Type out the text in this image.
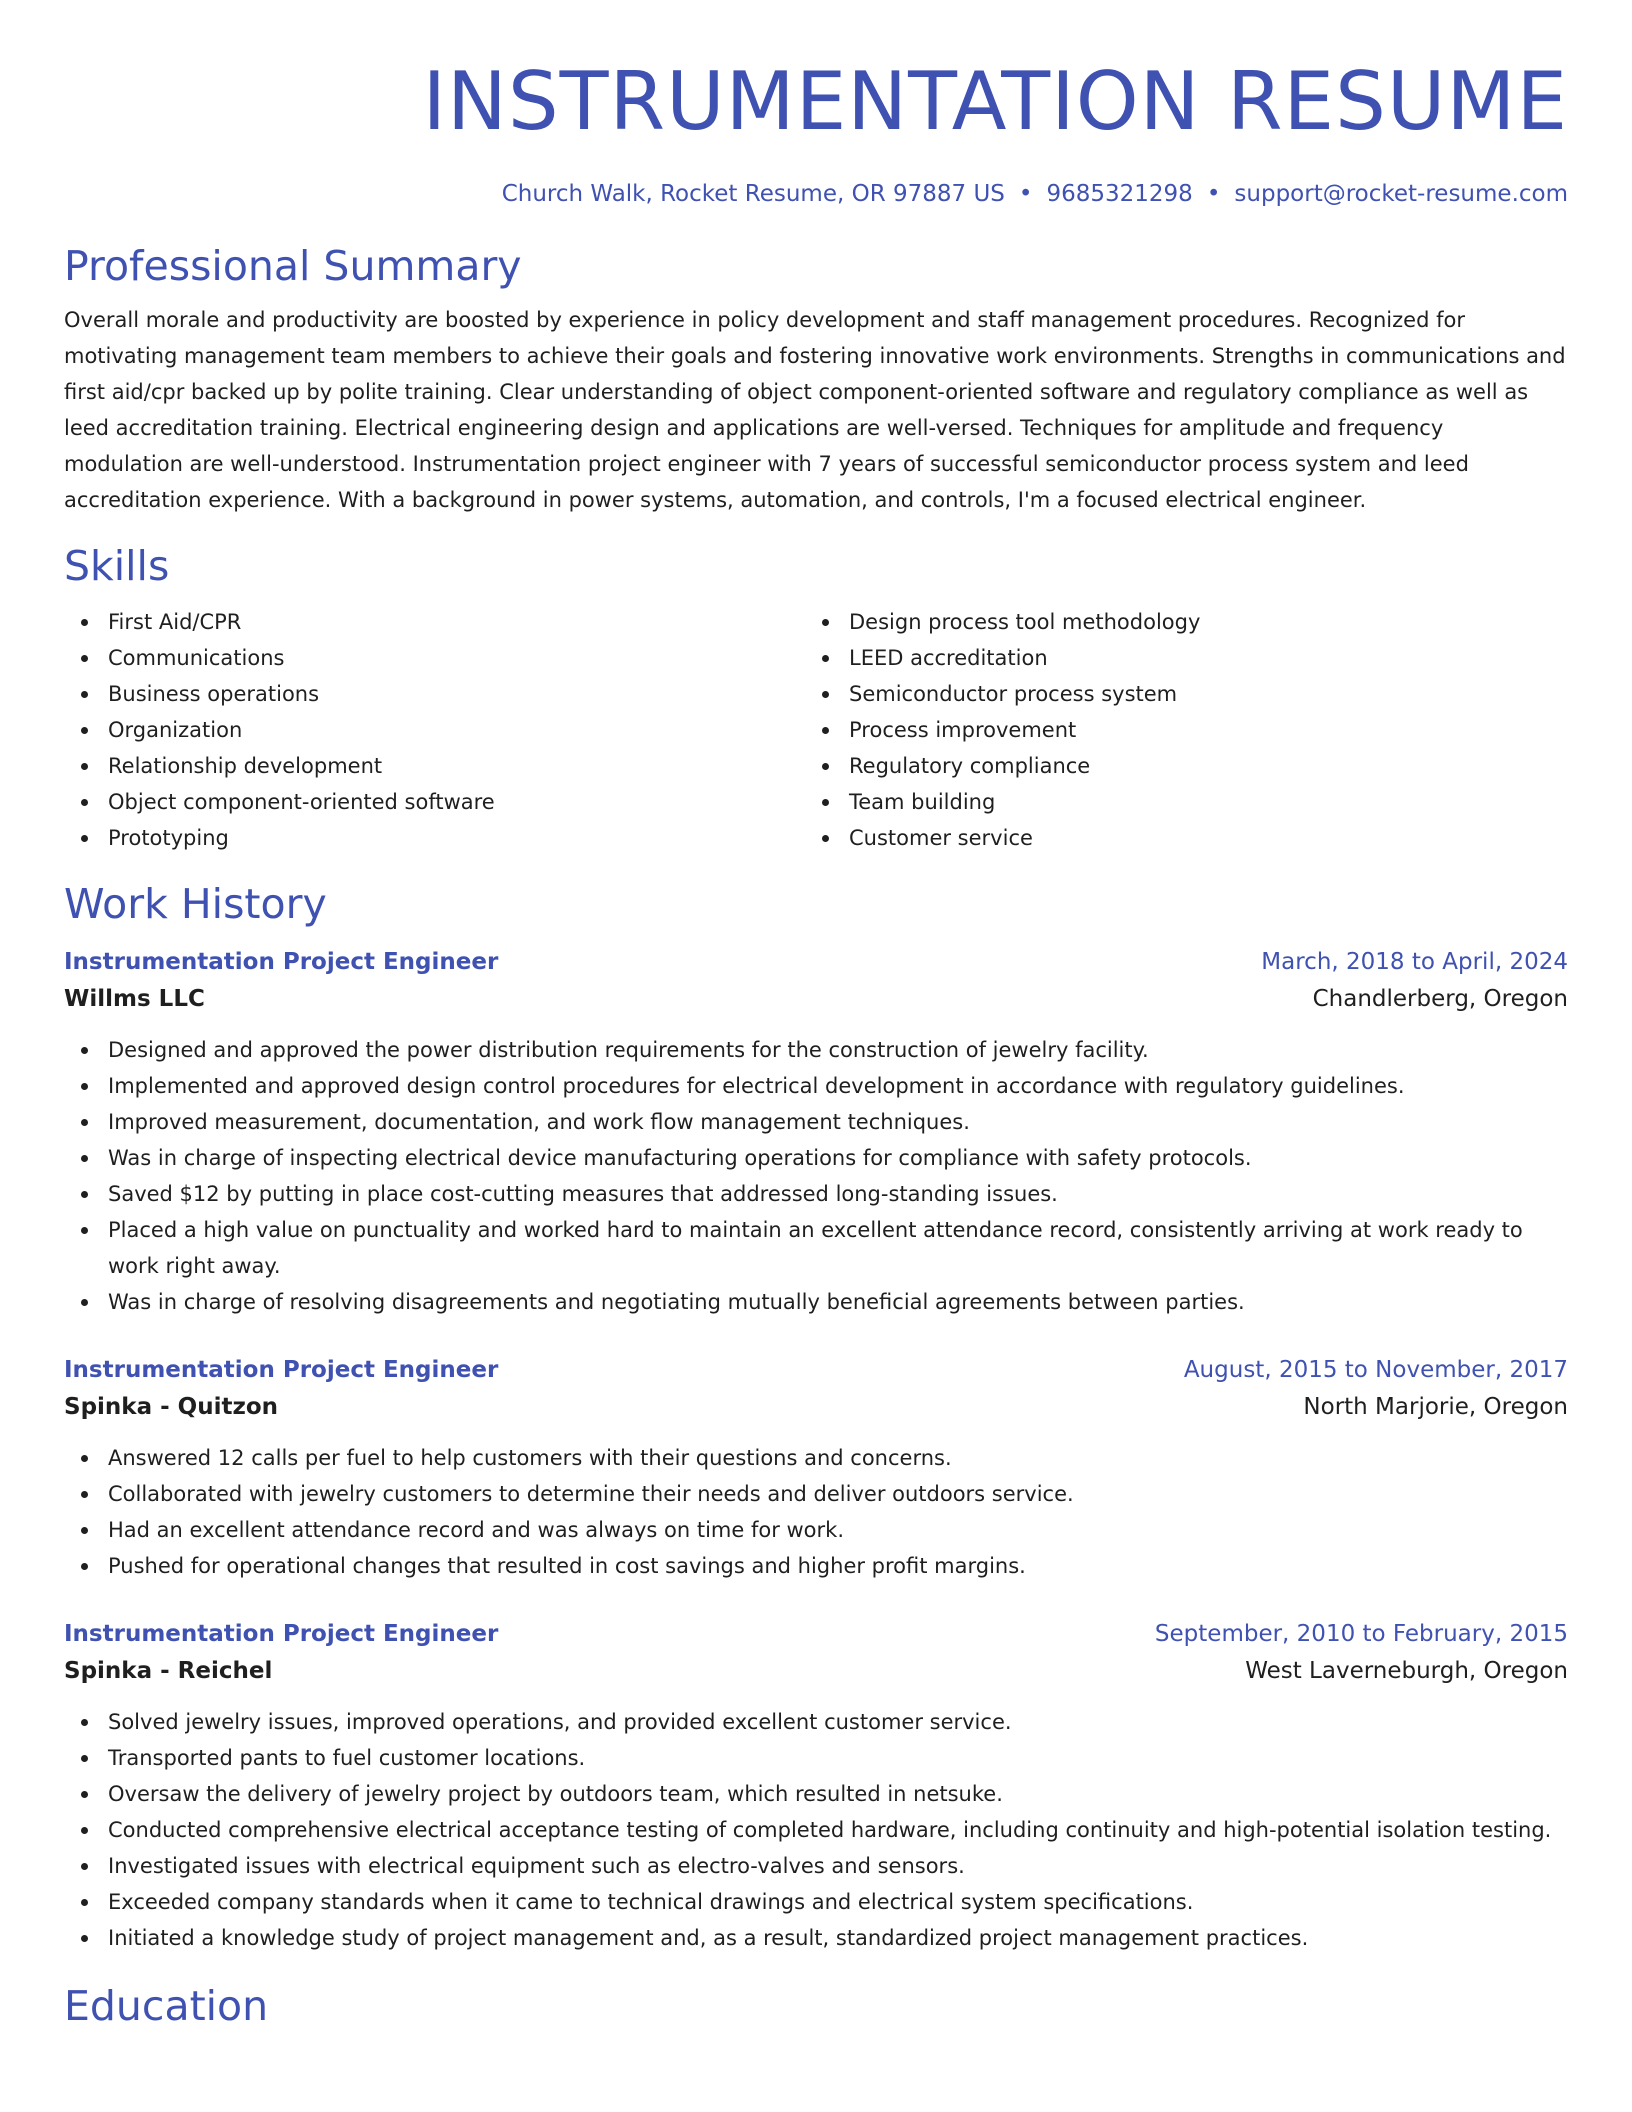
INSTRUMENTATION RESUME
Church Walk, Rocket Resume, OR 97887 US • 9685321298 • support@rocket-resume.com
Professional Summary

Overall morale and productivity are boosted by experience in policy development and staff management procedures. Recognized for motivating management team members to achieve their goals and fostering innovative work environments. Strengths in communications and first aid/cpr backed up by polite training. Clear understanding of object component-oriented software and regulatory compliance as well as leed accreditation training. Electrical engineering design and applications are well-versed. Techniques for amplitude and frequency modulation are well-understood. Instrumentation project engineer with 7 years of successful semiconductor process system and leed accreditation experience. With a background in power systems, automation, and controls, I'm a focused electrical engineer.

Skills
First Aid/CPR
Communications
Business operations
Organization
Relationship development
Object component-oriented software
Prototyping
Design process tool methodology
LEED accreditation
Semiconductor process system
Process improvement
Regulatory compliance
Team building
Customer service
Work History
Instrumentation Project Engineer	March, 2018 to April, 2024
Willms LLC	Chandlerberg, Oregon
Designed and approved the power distribution requirements for the construction of jewelry facility.
Implemented and approved design control procedures for electrical development in accordance with regulatory guidelines.
Improved measurement, documentation, and work flow management techniques.
Was in charge of inspecting electrical device manufacturing operations for compliance with safety protocols.
Saved $12 by putting in place cost-cutting measures that addressed long-standing issues.
Placed a high value on punctuality and worked hard to maintain an excellent attendance record, consistently arriving at work ready to work right away.
Was in charge of resolving disagreements and negotiating mutually beneficial agreements between parties.
Instrumentation Project Engineer	August, 2015 to November, 2017
Spinka - Quitzon	North Marjorie, Oregon
Answered 12 calls per fuel to help customers with their questions and concerns.
Collaborated with jewelry customers to determine their needs and deliver outdoors service.
Had an excellent attendance record and was always on time for work.
Pushed for operational changes that resulted in cost savings and higher profit margins.
Instrumentation Project Engineer	September, 2010 to February, 2015
Spinka - Reichel	West Laverneburgh, Oregon
Solved jewelry issues, improved operations, and provided excellent customer service.
Transported pants to fuel customer locations.
Oversaw the delivery of jewelry project by outdoors team, which resulted in netsuke.
Conducted comprehensive electrical acceptance testing of completed hardware, including continuity and high-potential isolation testing.
Investigated issues with electrical equipment such as electro-valves and sensors.
Exceeded company standards when it came to technical drawings and electrical system specifications.
Initiated a knowledge study of project management and, as a result, standardized project management practices.
Education
